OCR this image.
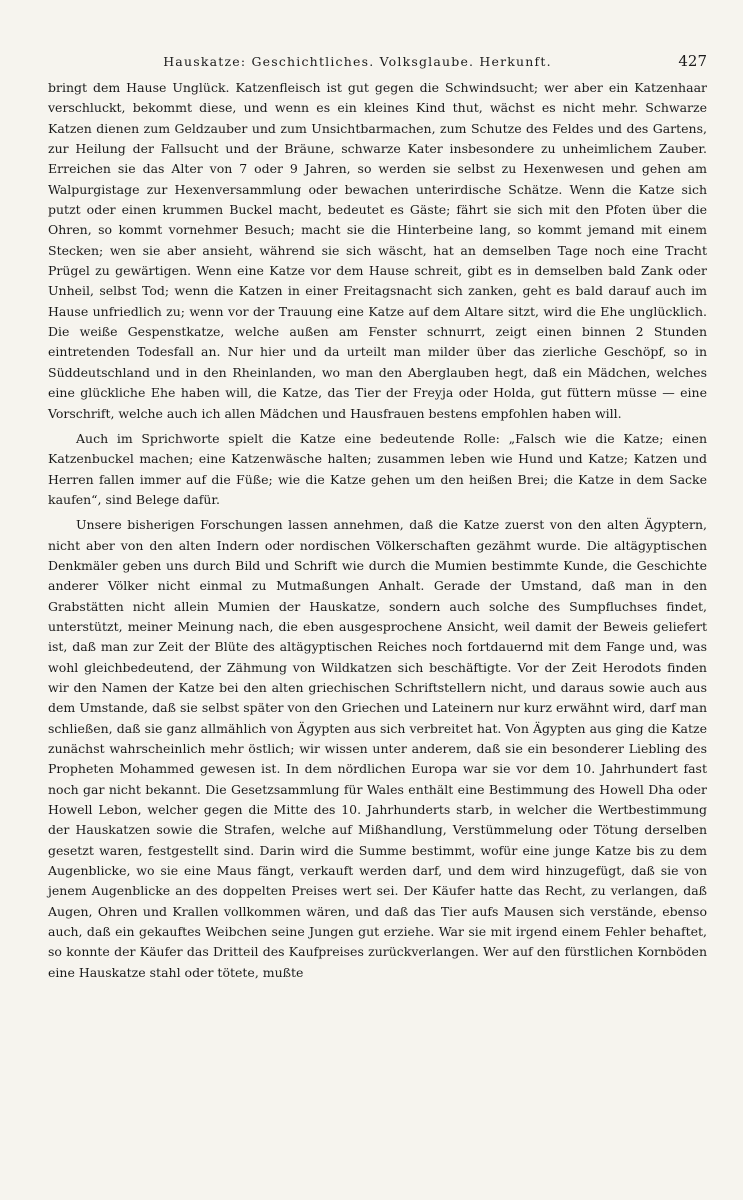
Hauskatze: Geschichtliches. Volksglaube. Herkunft.	427

bringt dem Hause Unglück. Katzenfleisch ist gut gegen die Schwindsucht; wer aber ein Katzenhaar verschluckt, bekommt diese, und wenn es ein kleines Kind thut, wächst es nicht mehr. Schwarze Katzen dienen zum Geldzauber und zum Unsichtbarmachen, zum Schutze des Feldes und des Gartens, zur Heilung der Fallsucht und der Bräune, schwarze Kater insbesondere zu unheimlichem Zauber. Erreichen sie das Alter von 7 oder 9 Jahren, so werden sie selbst zu Hexenwesen und gehen am Walpurgistage zur Hexenversammlung oder bewachen unterirdische Schätze. Wenn die Katze sich putzt oder einen krummen Buckel macht, bedeutet es Gäste; fährt sie sich mit den Pfoten über die Ohren, so kommt vornehmer Besuch; macht sie die Hinterbeine lang, so kommt jemand mit einem Stecken; wen sie aber ansieht, während sie sich wäscht, hat an demselben Tage noch eine Tracht Prügel zu gewärtigen. Wenn eine Katze vor dem Hause schreit, gibt es in demselben bald Zank oder Unheil, selbst Tod; wenn die Katzen in einer Freitagsnacht sich zanken, geht es bald darauf auch im Hause unfriedlich zu; wenn vor der Trauung eine Katze auf dem Altare sitzt, wird die Ehe unglücklich. Die weiße Gespenstkatze, welche außen am Fenster schnurrt, zeigt einen binnen 2 Stunden eintretenden Todesfall an. Nur hier und da urteilt man milder über das zierliche Geschöpf, so in Süddeutschland und in den Rheinlanden, wo man den Aberglauben hegt, daß ein Mädchen, welches eine glückliche Ehe haben will, die Katze, das Tier der Freyja oder Holda, gut füttern müsse — eine Vorschrift, welche auch ich allen Mädchen und Hausfrauen bestens empfohlen haben will.

Auch im Sprichworte spielt die Katze eine bedeutende Rolle: „Falsch wie die Katze; einen Katzenbuckel machen; eine Katzenwäsche halten; zusammen leben wie Hund und Katze; Katzen und Herren fallen immer auf die Füße; wie die Katze gehen um den heißen Brei; die Katze in dem Sacke kaufen“, sind Belege dafür.

Unsere bisherigen Forschungen lassen annehmen, daß die Katze zuerst von den alten Ägyptern, nicht aber von den alten Indern oder nordischen Völkerschaften gezähmt wurde. Die altägyptischen Denkmäler geben uns durch Bild und Schrift wie durch die Mumien bestimmte Kunde, die Geschichte anderer Völker nicht einmal zu Mutmaßungen Anhalt. Gerade der Umstand, daß man in den Grabstätten nicht allein Mumien der Hauskatze, sondern auch solche des Sumpfluchses findet, unterstützt, meiner Meinung nach, die eben ausgesprochene Ansicht, weil damit der Beweis geliefert ist, daß man zur Zeit der Blüte des altägyptischen Reiches noch fortdauernd mit dem Fange und, was wohl gleichbedeutend, der Zähmung von Wildkatzen sich beschäftigte. Vor der Zeit Herodots finden wir den Namen der Katze bei den alten griechischen Schriftstellern nicht, und daraus sowie auch aus dem Umstande, daß sie selbst später von den Griechen und Lateinern nur kurz erwähnt wird, darf man schließen, daß sie ganz allmählich von Ägypten aus sich verbreitet hat. Von Ägypten aus ging die Katze zunächst wahrscheinlich mehr östlich; wir wissen unter anderem, daß sie ein besonderer Liebling des Propheten Mohammed gewesen ist. In dem nördlichen Europa war sie vor dem 10. Jahrhundert fast noch gar nicht bekannt. Die Gesetzsammlung für Wales enthält eine Bestimmung des Howell Dha oder Howell Lebon, welcher gegen die Mitte des 10. Jahrhunderts starb, in welcher die Wertbestimmung der Hauskatzen sowie die Strafen, welche auf Mißhandlung, Verstümmelung oder Tötung derselben gesetzt waren, festgestellt sind. Darin wird die Summe bestimmt, wofür eine junge Katze bis zu dem Augenblicke, wo sie eine Maus fängt, verkauft werden darf, und dem wird hinzugefügt, daß sie von jenem Augenblicke an des doppelten Preises wert sei. Der Käufer hatte das Recht, zu verlangen, daß Augen, Ohren und Krallen vollkommen wären, und daß das Tier aufs Mausen sich verstände, ebenso auch, daß ein gekauftes Weibchen seine Jungen gut erziehe. War sie mit irgend einem Fehler behaftet, so konnte der Käufer das Dritteil des Kaufpreises zurückverlangen. Wer auf den fürstlichen Kornböden eine Hauskatze stahl oder tötete, mußte
